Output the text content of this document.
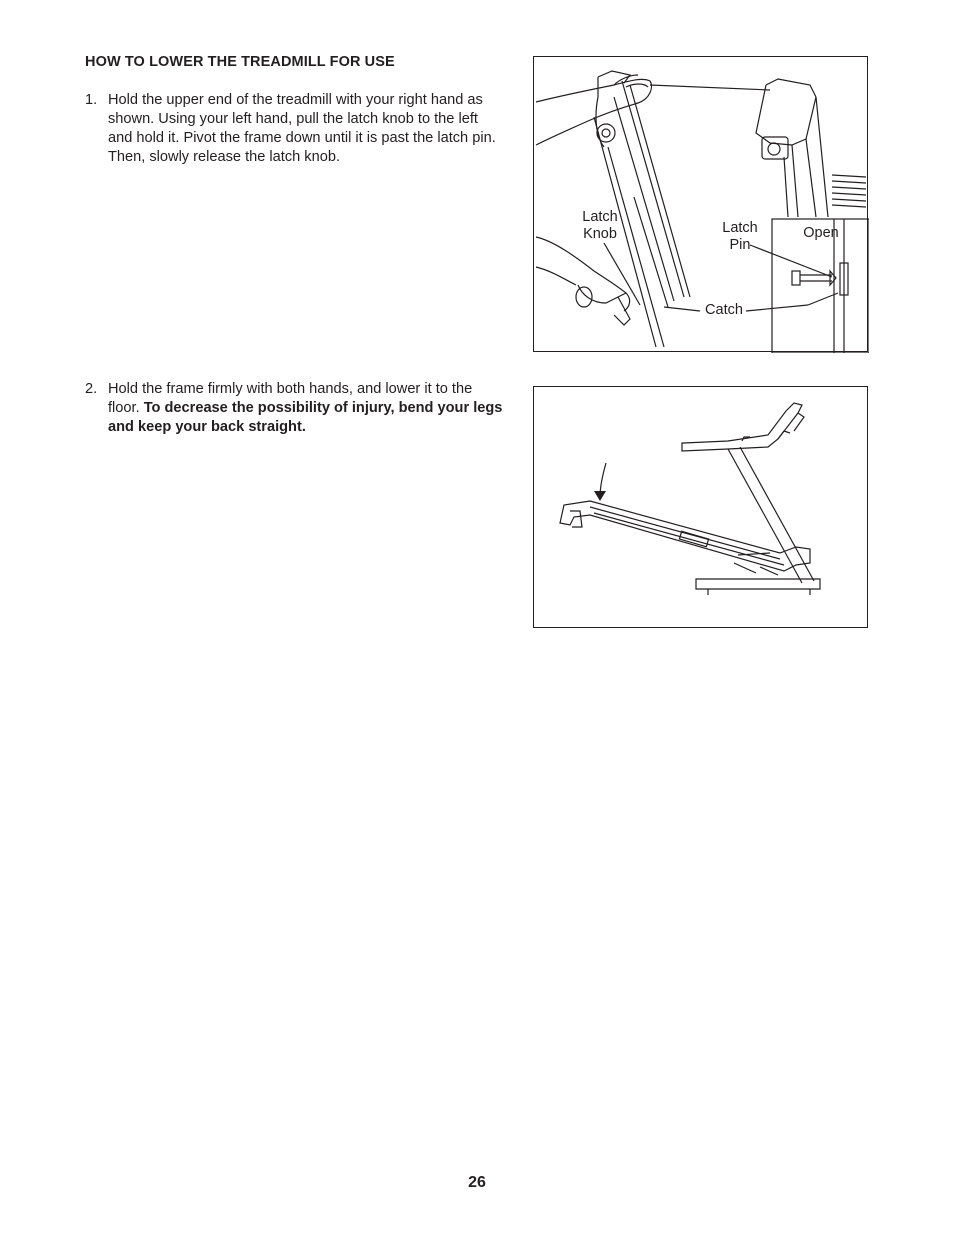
HOW TO LOWER THE TREADMILL FOR USE
1. Hold the upper end of the treadmill with your right hand as shown. Using your left hand, pull the latch knob to the left and hold it. Pivot the frame down until it is past the latch pin. Then, slowly release the latch knob.
Latch
Knob	Latch
Pin
Open
Catch
2. Hold the frame firmly with both hands, and lower it to the floor. To decrease the possibility of injury, bend your legs and keep your back straight.
26
